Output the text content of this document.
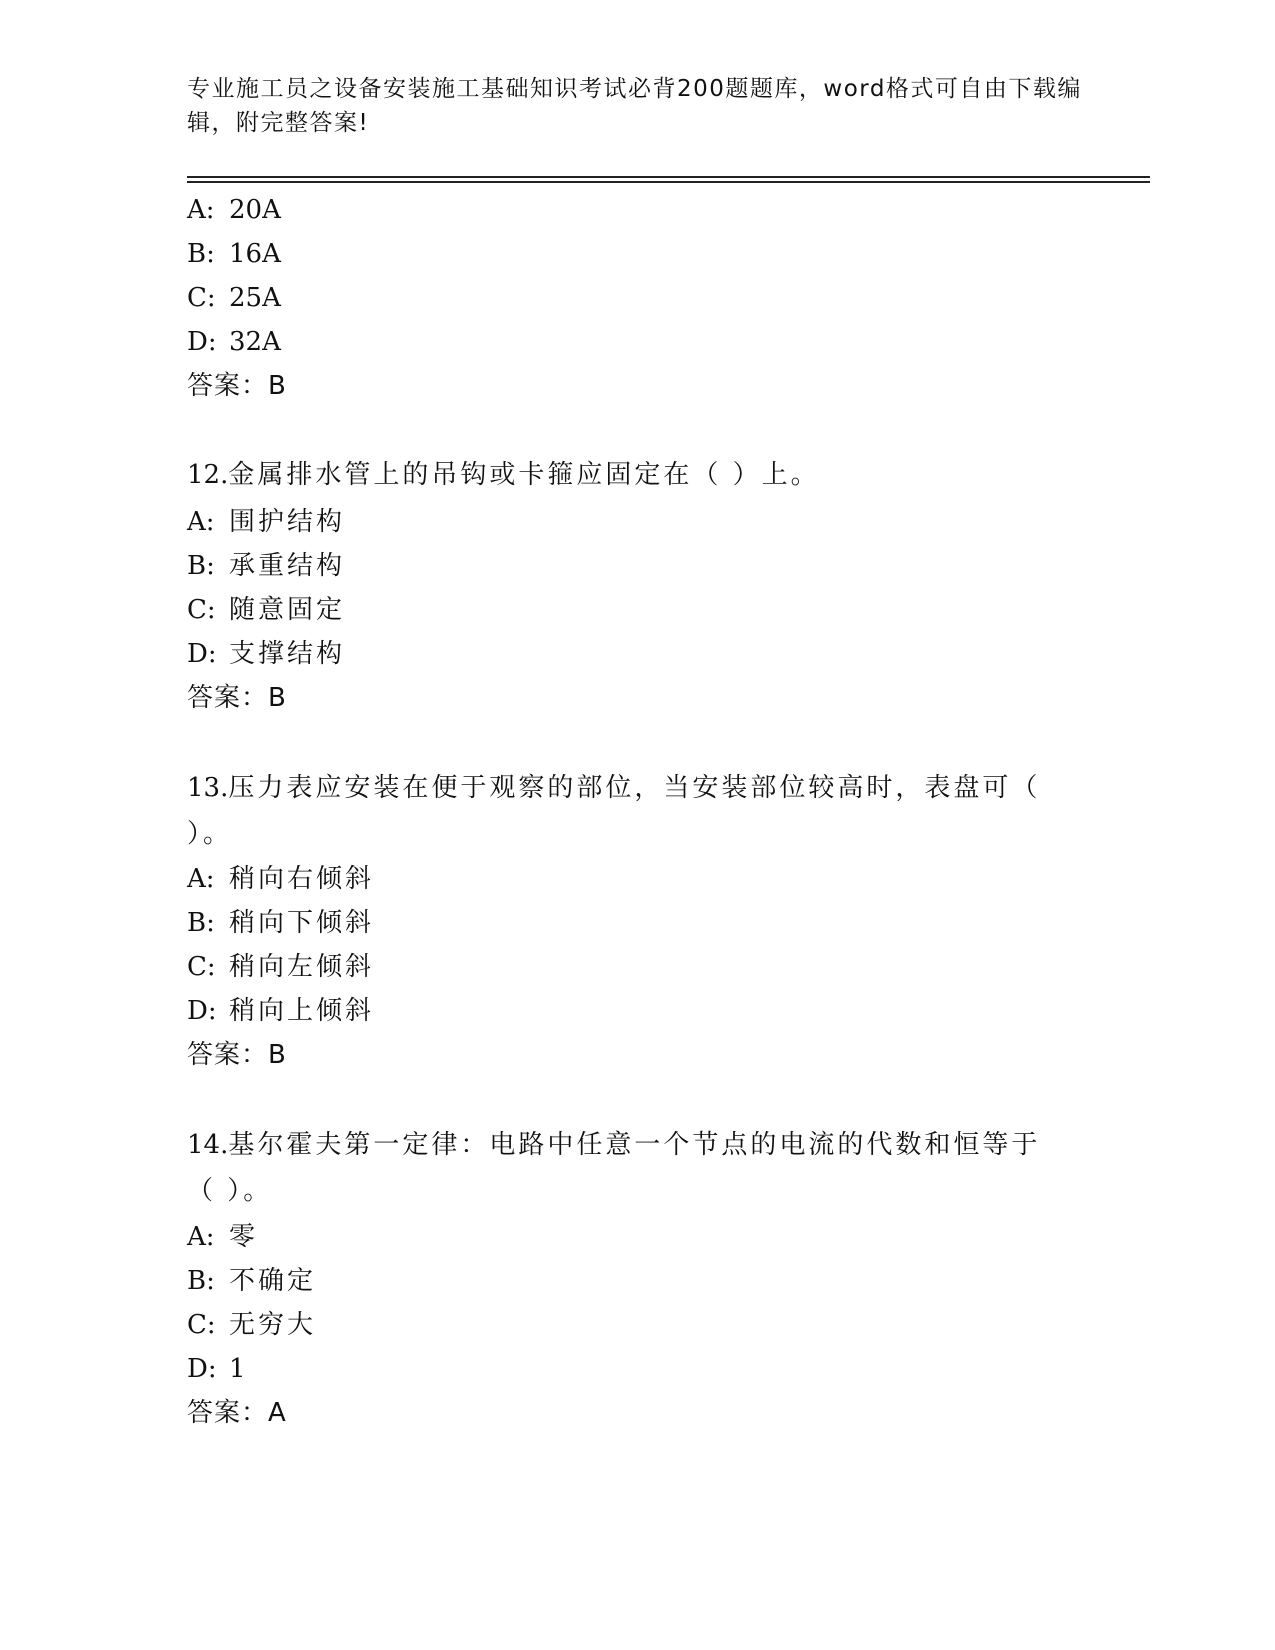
专业施工员之设备安装施工基础知识考试必背200题题库，word格式可自由下载编辑，附完整答案!
A: 20A
B: 16A
C: 25A
D: 32A
答案：B
12.金属排水管上的吊钩或卡箍应固定在（ ）上。
A: 围护结构
B: 承重结构
C: 随意固定
D: 支撑结构
答案：B
13.压力表应安装在便于观察的部位，当安装部位较高时，表盘可（ ）。
A: 稍向右倾斜
B: 稍向下倾斜
C: 稍向左倾斜
D: 稍向上倾斜
答案：B
14.基尔霍夫第一定律：电路中任意一个节点的电流的代数和恒等于（ ）。
A: 零
B: 不确定
C: 无穷大
D: 1
答案：A
